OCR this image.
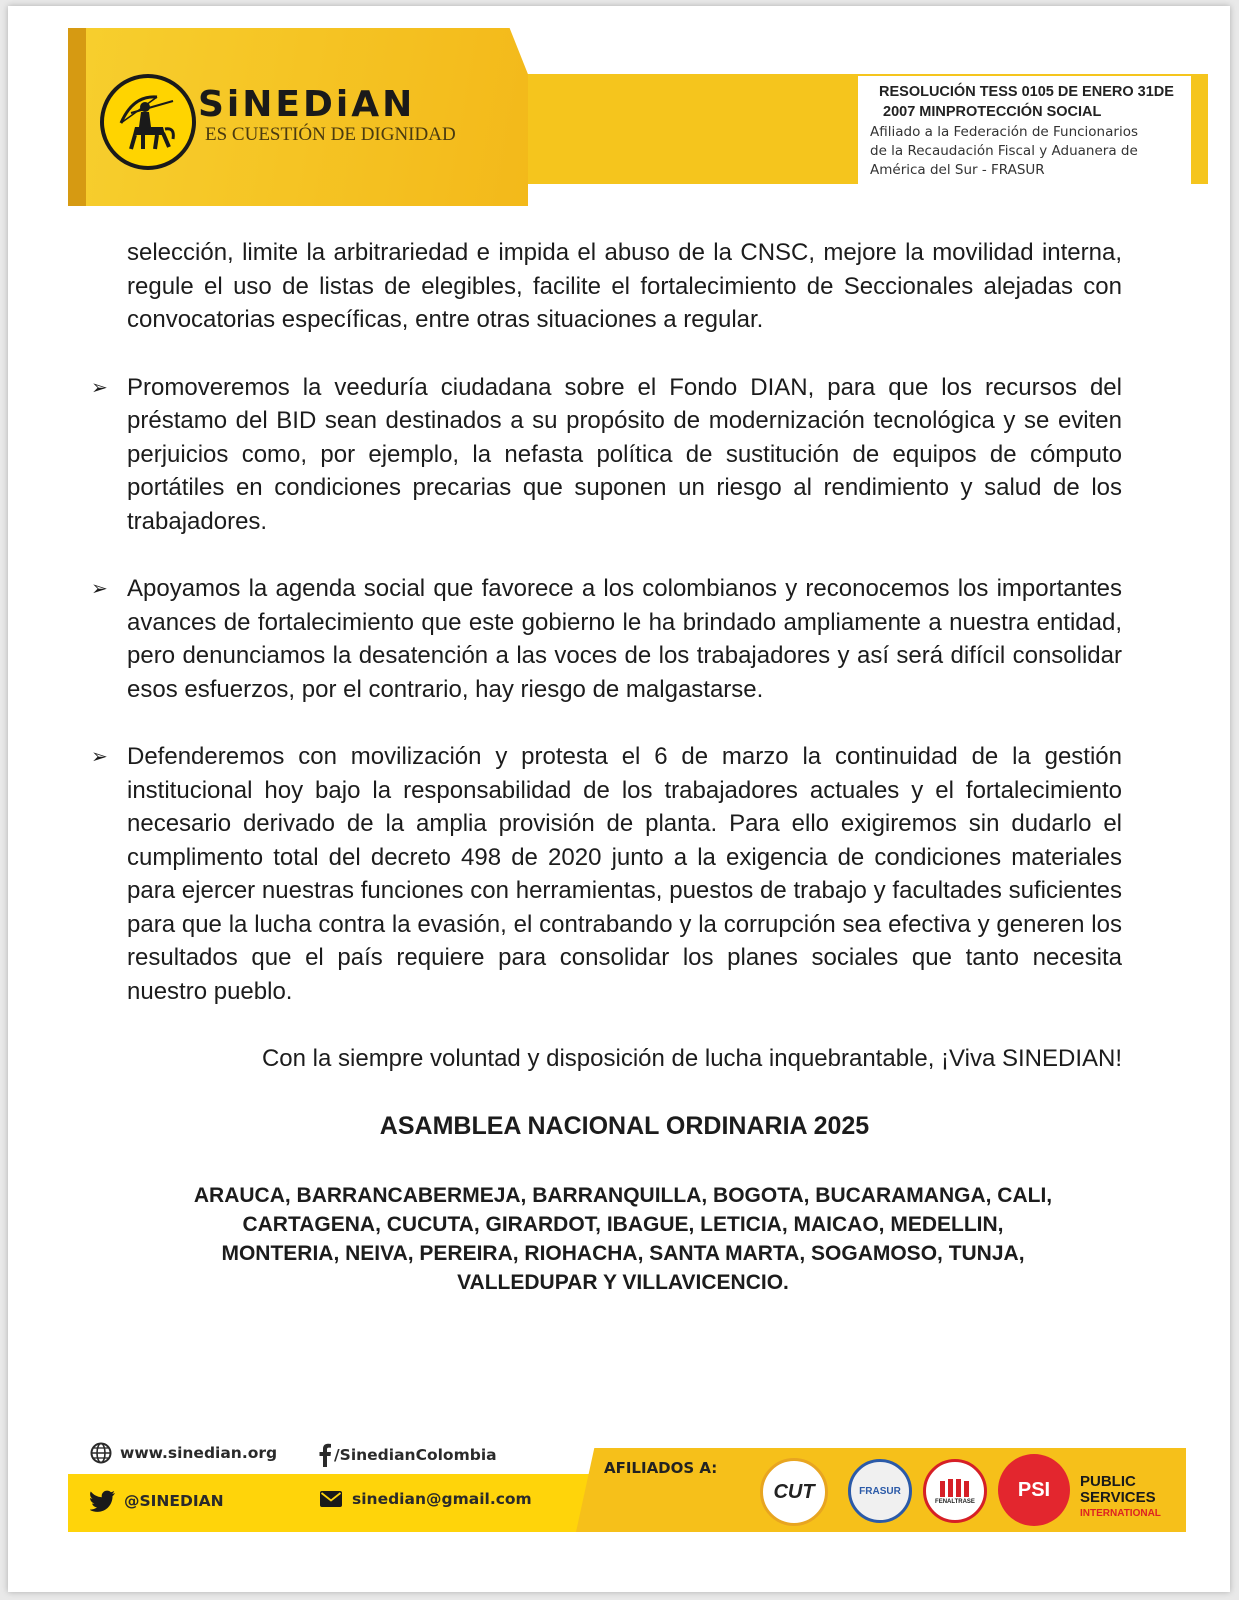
SiNEDiAN
ES CUESTIÓN DE DIGNIDAD
RESOLUCIÓN TESS 0105 DE ENERO 31DE
2007 MINPROTECCIÓN SOCIAL
Afiliado a la Federación de Funcionarios
de la Recaudación Fiscal y Aduanera de
América del Sur - FRASUR

selección, limite la arbitrariedad e impida el abuso de la CNSC, mejore la movilidad interna, regule el uso de listas de elegibles, facilite el fortalecimiento de Seccionales alejadas con convocatorias específicas, entre otras situaciones a regular.

➢ Promoveremos la veeduría ciudadana sobre el Fondo DIAN, para que los recursos del préstamo del BID sean destinados a su propósito de modernización tecnológica y se eviten perjuicios como, por ejemplo, la nefasta política de sustitución de equipos de cómputo portátiles en condiciones precarias que suponen un riesgo al rendimiento y salud de los trabajadores.

➢ Apoyamos la agenda social que favorece a los colombianos y reconocemos los importantes avances de fortalecimiento que este gobierno le ha brindado ampliamente a nuestra entidad, pero denunciamos la desatención a las voces de los trabajadores y así será difícil consolidar esos esfuerzos, por el contrario, hay riesgo de malgastarse.

➢ Defenderemos con movilización y protesta el 6 de marzo la continuidad de la gestión institucional hoy bajo la responsabilidad de los trabajadores actuales y el fortalecimiento necesario derivado de la amplia provisión de planta. Para ello exigiremos sin dudarlo el cumplimento total del decreto 498 de 2020 junto a la exigencia de condiciones materiales para ejercer nuestras funciones con herramientas, puestos de trabajo y facultades suficientes para que la lucha contra la evasión, el contrabando y la corrupción sea efectiva y generen los resultados que el país requiere para consolidar los planes sociales que tanto necesita nuestro pueblo.

Con la siempre voluntad y disposición de lucha inquebrantable, ¡Viva SINEDIAN!

ASAMBLEA NACIONAL ORDINARIA 2025
ARAUCA, BARRANCABERMEJA, BARRANQUILLA, BOGOTA, BUCARAMANGA, CALI,
CARTAGENA, CUCUTA, GIRARDOT, IBAGUE, LETICIA, MAICAO, MEDELLIN,
MONTERIA, NEIVA, PEREIRA, RIOHACHA, SANTA MARTA, SOGAMOSO, TUNJA,
VALLEDUPAR Y VILLAVICENCIO.
www.sinedian.org	/SinedianColombia
@SINEDIAN	sinedian@gmail.com
AFILIADOS A:
CUT	FRASUR
FENALTRASE
PSI PUBLIC
SERVICES
INTERNATIONAL
